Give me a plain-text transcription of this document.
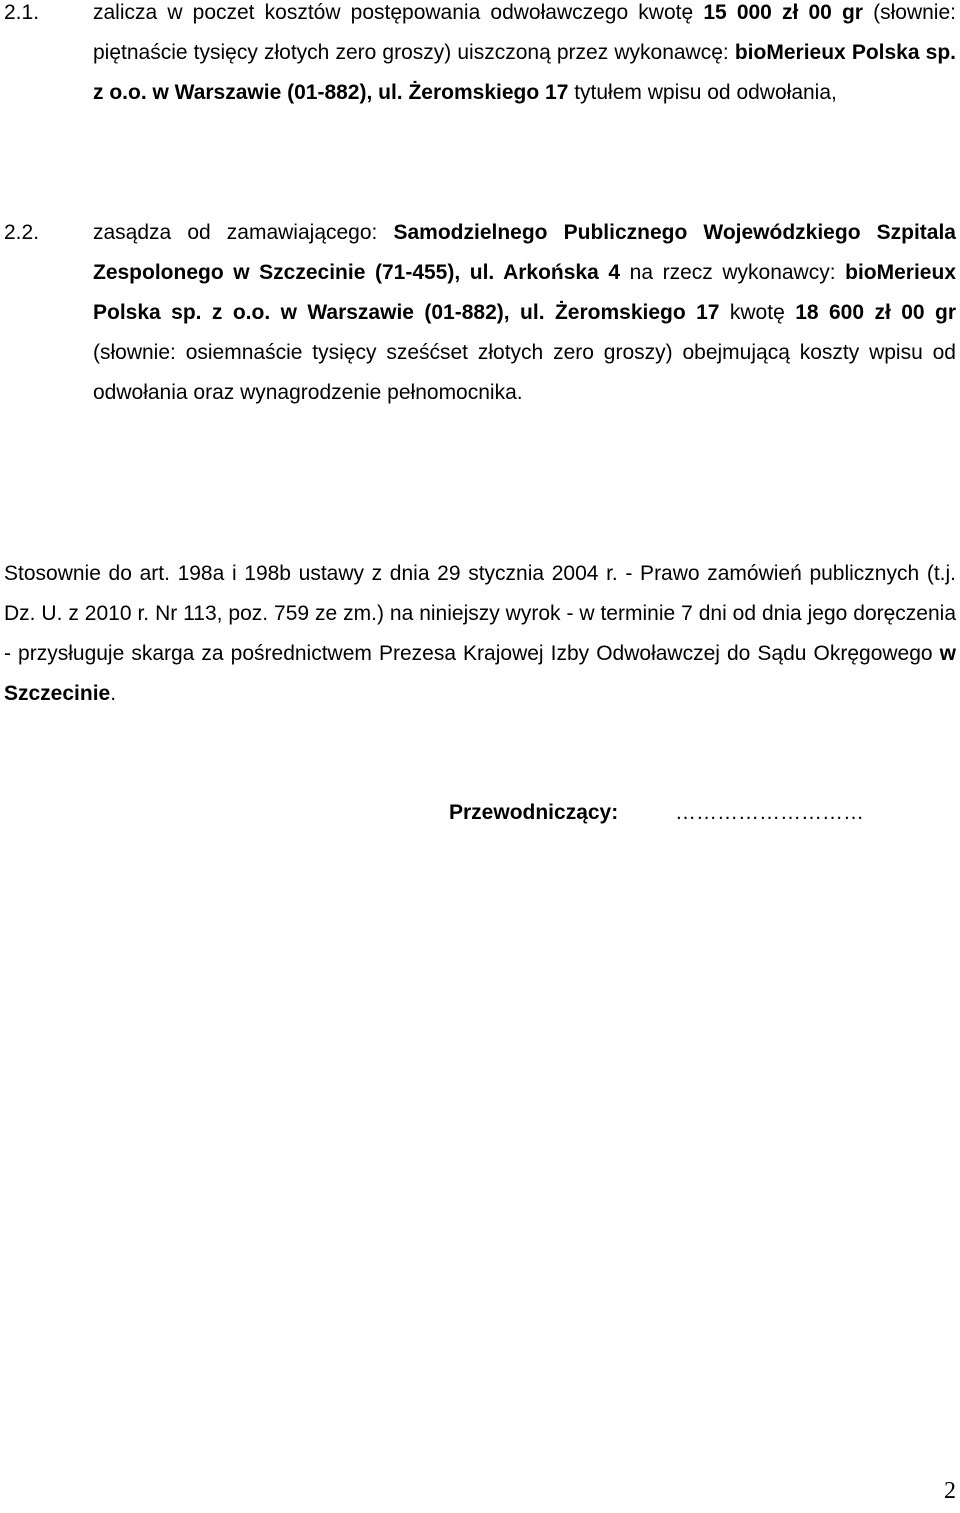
2.1.	zalicza w poczet kosztów postępowania odwoławczego kwotę 15 000 zł 00 gr (słownie: piętnaście tysięcy złotych zero groszy) uiszczoną przez wykonawcę: bioMerieux Polska sp. z o.o. w Warszawie (01-882), ul. Żeromskiego 17 tytułem wpisu od odwołania,
2.2.	zasądza od zamawiającego: Samodzielnego Publicznego Wojewódzkiego Szpitala Zespolonego w Szczecinie (71-455), ul. Arkońska 4 na rzecz wykonawcy: bioMerieux Polska sp. z o.o. w Warszawie (01-882), ul. Żeromskiego 17 kwotę 18 600 zł 00 gr (słownie: osiemnaście tysięcy sześćset złotych zero groszy) obejmującą koszty wpisu od odwołania oraz wynagrodzenie pełnomocnika.
Stosownie do art. 198a i 198b ustawy z dnia 29 stycznia 2004 r. - Prawo zamówień publicznych (t.j. Dz. U. z 2010 r. Nr 113, poz. 759 ze zm.) na niniejszy wyrok - w terminie 7 dni od dnia jego doręczenia - przysługuje skarga za pośrednictwem Prezesa Krajowej Izby Odwoławczej do Sądu Okręgowego w Szczecinie.
Przewodniczący:	………………………
2
